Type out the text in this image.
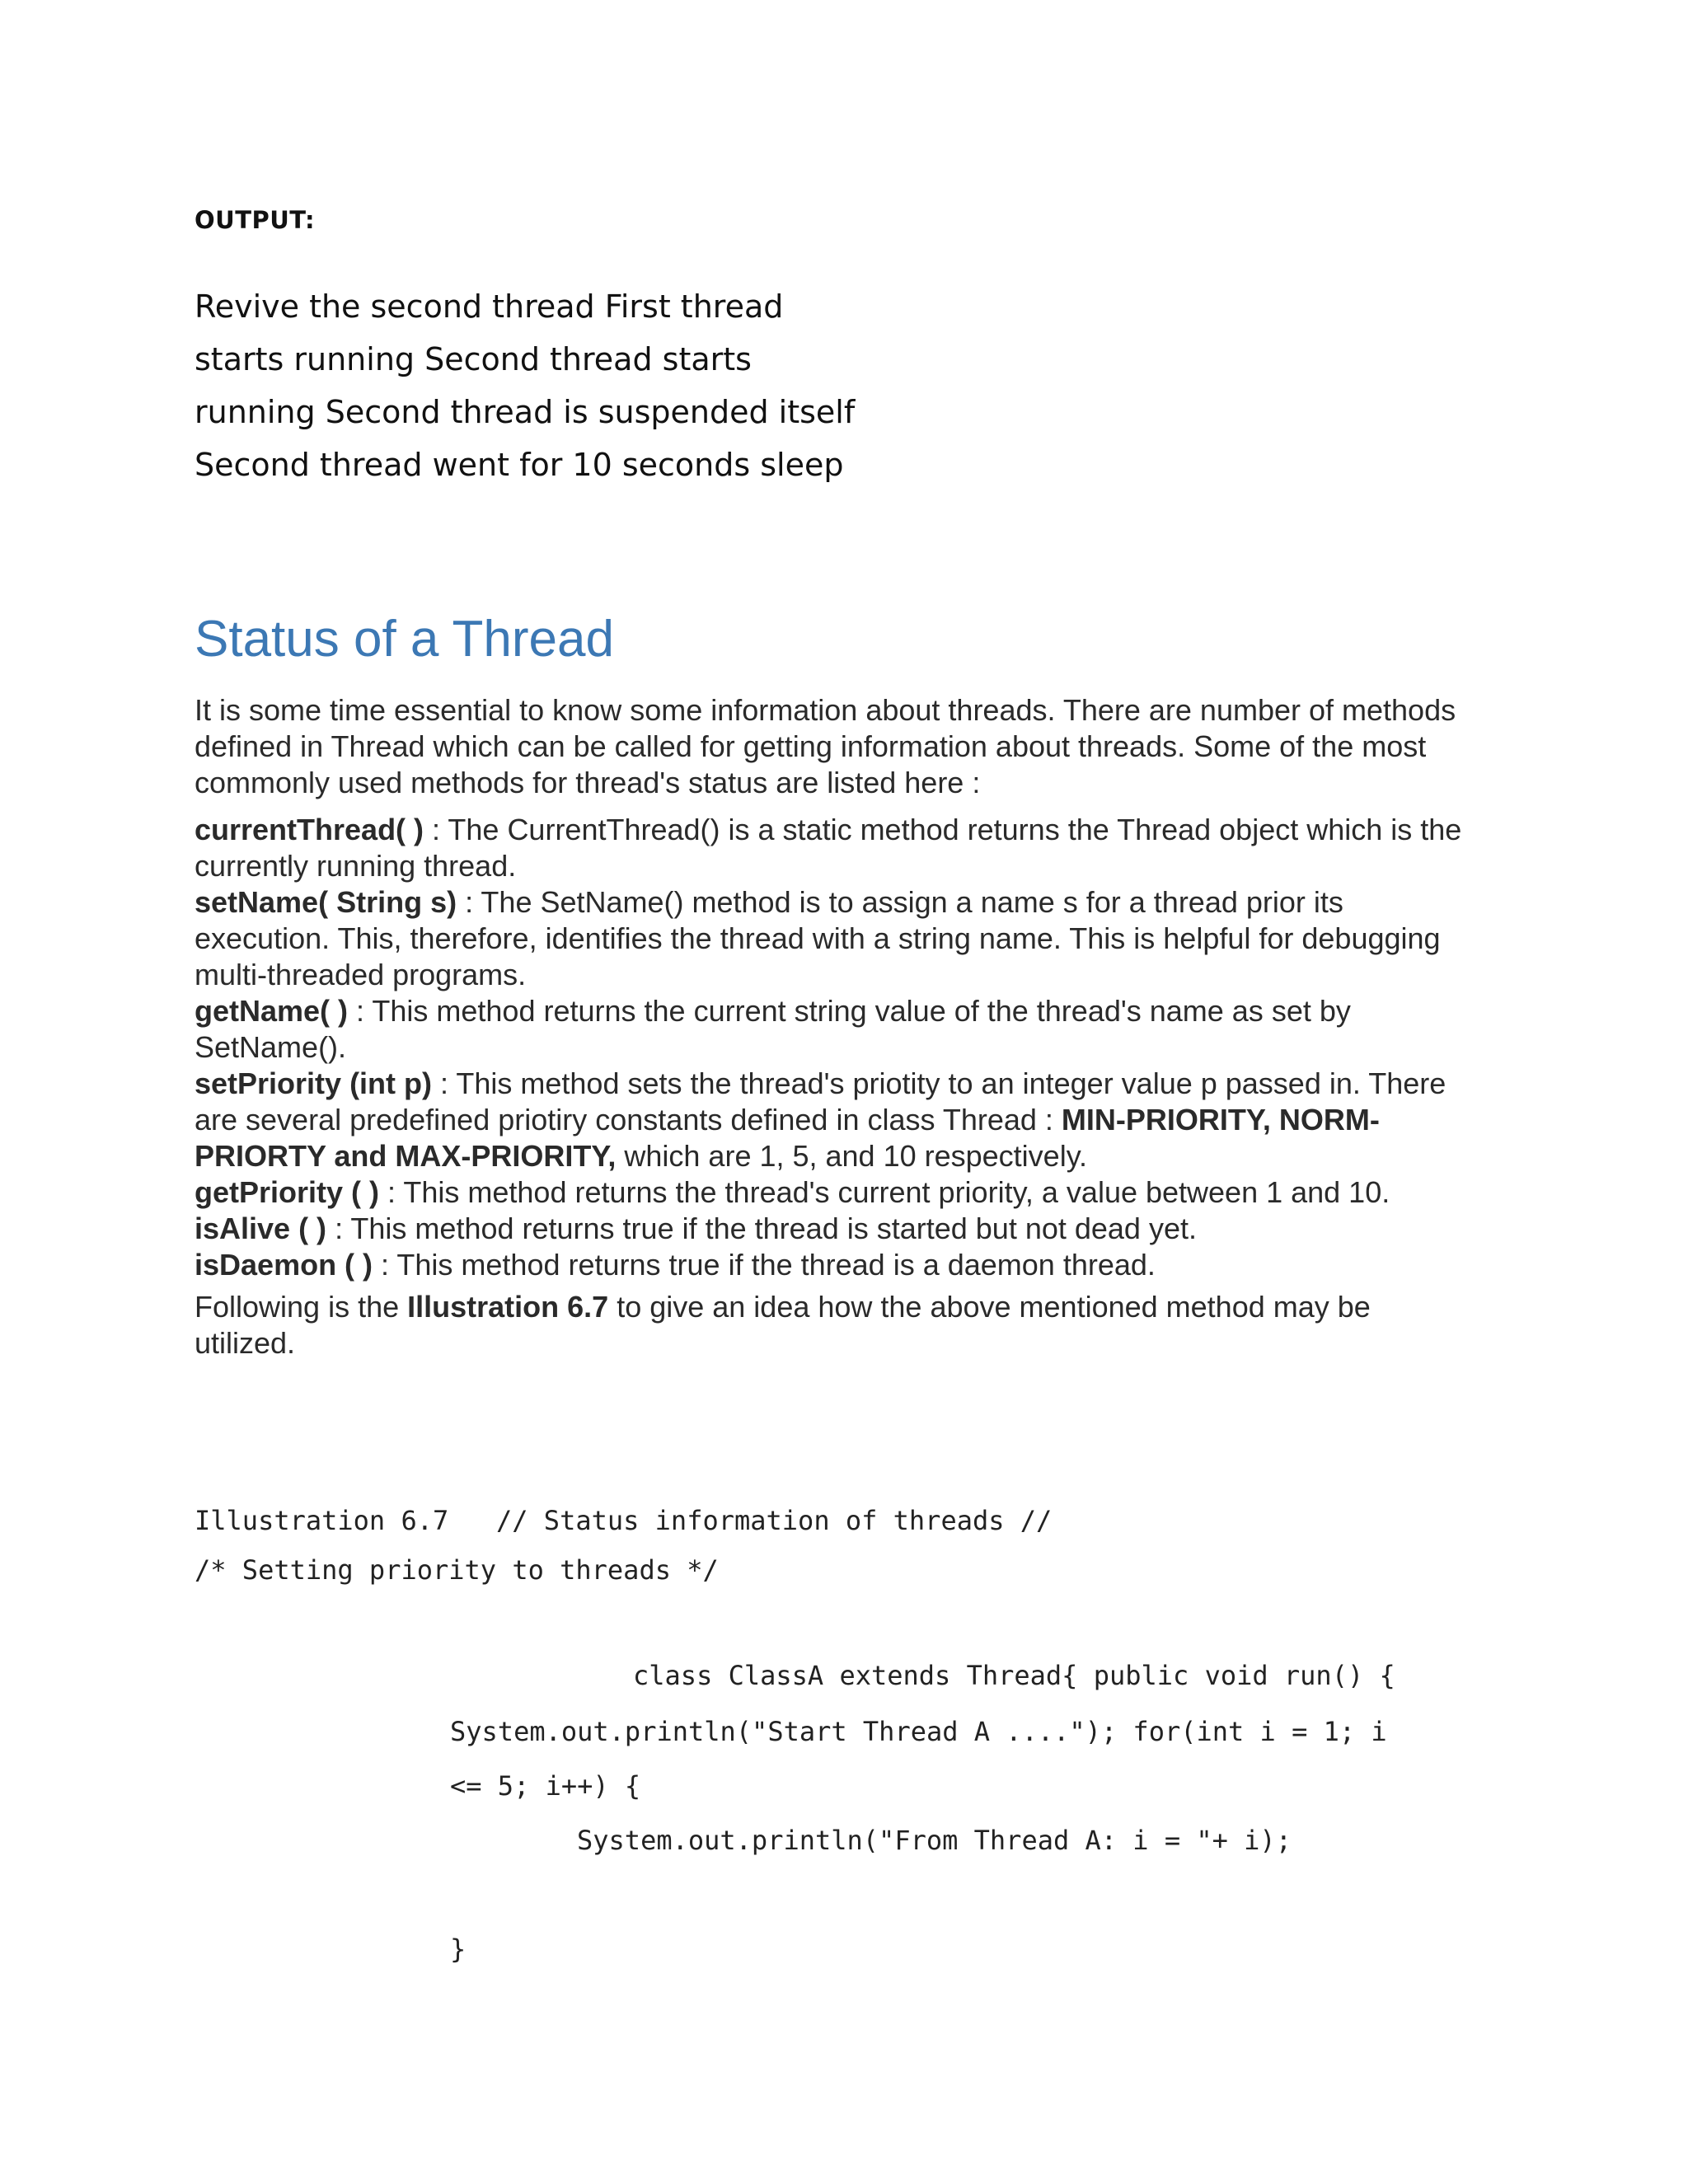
OUTPUT:
Revive the second thread First thread
starts running Second thread starts
running Second thread is suspended itself
Second thread went for 10 seconds sleep
Status of a Thread
It is some time essential to know some information about threads. There are number of methods
defined in Thread which can be called for getting information about threads. Some of the most
commonly used methods for thread's status are listed here :
currentThread( ) : The CurrentThread() is a static method returns the Thread object which is the
currently running thread.
setName( String s) : The SetName() method is to assign a name s for a thread prior its
execution. This, therefore, identifies the thread with a string name. This is helpful for debugging
multi-threaded programs.
getName( ) : This method returns the current string value of the thread's name as set by
SetName().
setPriority (int p) : This method sets the thread's priotity to an integer value p passed in. There
are several predefined priotiry constants defined in class Thread : MIN-PRIORITY, NORM-
PRIORTY and MAX-PRIORITY, which are 1, 5, and 10 respectively.
getPriority ( ) : This method returns the thread's current priority, a value between 1 and 10.
isAlive ( ) : This method returns true if the thread is started but not dead yet.
isDaemon ( ) : This method returns true if the thread is a daemon thread.
Following is the Illustration 6.7 to give an idea how the above mentioned method may be
utilized.
Illustration 6.7 // Status information of threads //
/* Setting priority to threads */
class ClassA extends Thread{ public void run() {
System.out.println("Start Thread A ...."); for(int i = 1; i
<= 5; i++) {
System.out.println("From Thread A: i = "+ i);
}
